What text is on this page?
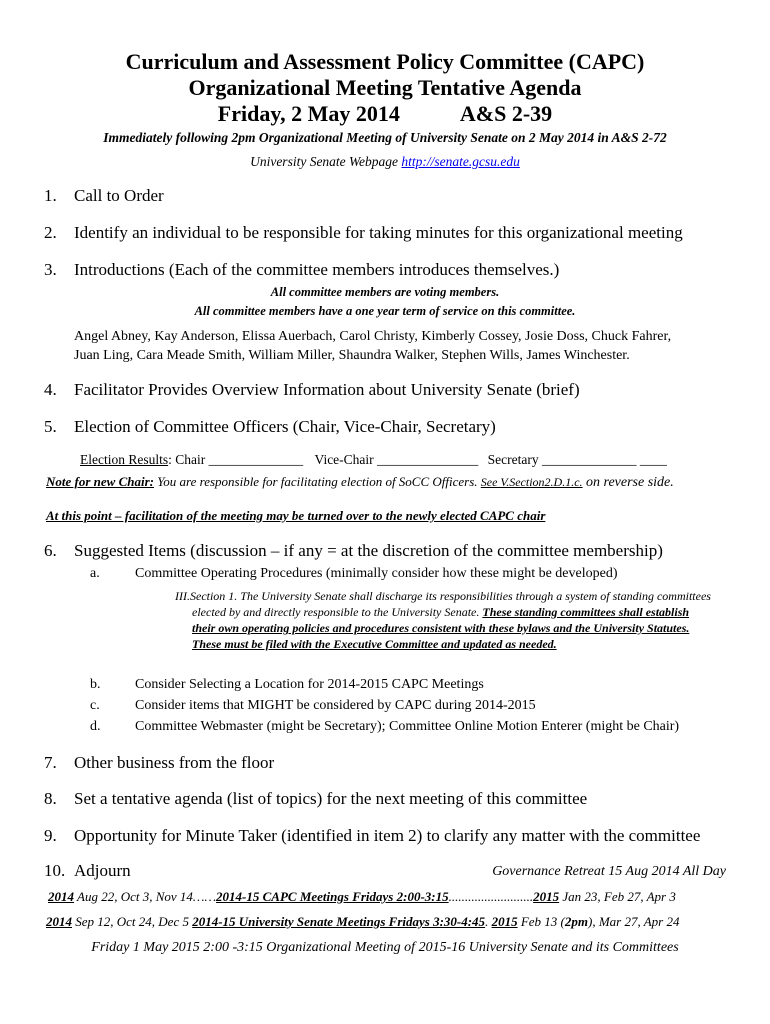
Curriculum and Assessment Policy Committee (CAPC)
Organizational Meeting Tentative Agenda
Friday, 2 May 2014	A&S 2-39
Immediately following 2pm Organizational Meeting of University Senate on 2 May 2014 in A&S 2-72
University Senate Webpage http://senate.gcsu.edu
1. Call to Order
2. Identify an individual to be responsible for taking minutes for this organizational meeting
3. Introductions (Each of the committee members introduces themselves.)
All committee members are voting members.
All committee members have a one year term of service on this committee.
Angel Abney, Kay Anderson, Elissa Auerbach, Carol Christy, Kimberly Cossey, Josie Doss, Chuck Fahrer,
Juan Ling, Cara Meade Smith, William Miller, Shaundra Walker, Stephen Wills, James Winchester.
4. Facilitator Provides Overview Information about University Senate (brief)
5. Election of Committee Officers (Chair, Vice-Chair, Secretary)
Election Results: Chair ______________ Vice-Chair _______________ Secretary ______________ ____
Note for new Chair: You are responsible for facilitating election of SoCC Officers. See V.Section2.D.1.c. on reverse side.
At this point – facilitation of the meeting may be turned over to the newly elected CAPC chair
6. Suggested Items (discussion – if any = at the discretion of the committee membership)
a.	Committee Operating Procedures (minimally consider how these might be developed)
III.Section 1. The University Senate shall discharge its responsibilities through a system of standing committees elected by and directly responsible to the University Senate. These standing committees shall establish their own operating policies and procedures consistent with these bylaws and the University Statutes. These must be filed with the Executive Committee and updated as needed.
b. Consider Selecting a Location for 2014-2015 CAPC Meetings
c.	Consider items that MIGHT be considered by CAPC during 2014-2015
d. Committee Webmaster (might be Secretary); Committee Online Motion Enterer (might be Chair)
7. Other business from the floor
8. Set a tentative agenda (list of topics) for the next meeting of this committee
9. Opportunity for Minute Taker (identified in item 2) to clarify any matter with the committee
10. Adjourn	Governance Retreat 15 Aug 2014 All Day
2014 Aug 22, Oct 3, Nov 14……2014-15 CAPC Meetings Fridays 2:00-3:15..........................2015 Jan 23, Feb 27, Apr 3
2014 Sep 12, Oct 24, Dec 5 2014-15 University Senate Meetings Fridays 3:30-4:45. 2015 Feb 13 (2pm), Mar 27, Apr 24
Friday 1 May 2015 2:00 -3:15 Organizational Meeting of 2015-16 University Senate and its Committees
